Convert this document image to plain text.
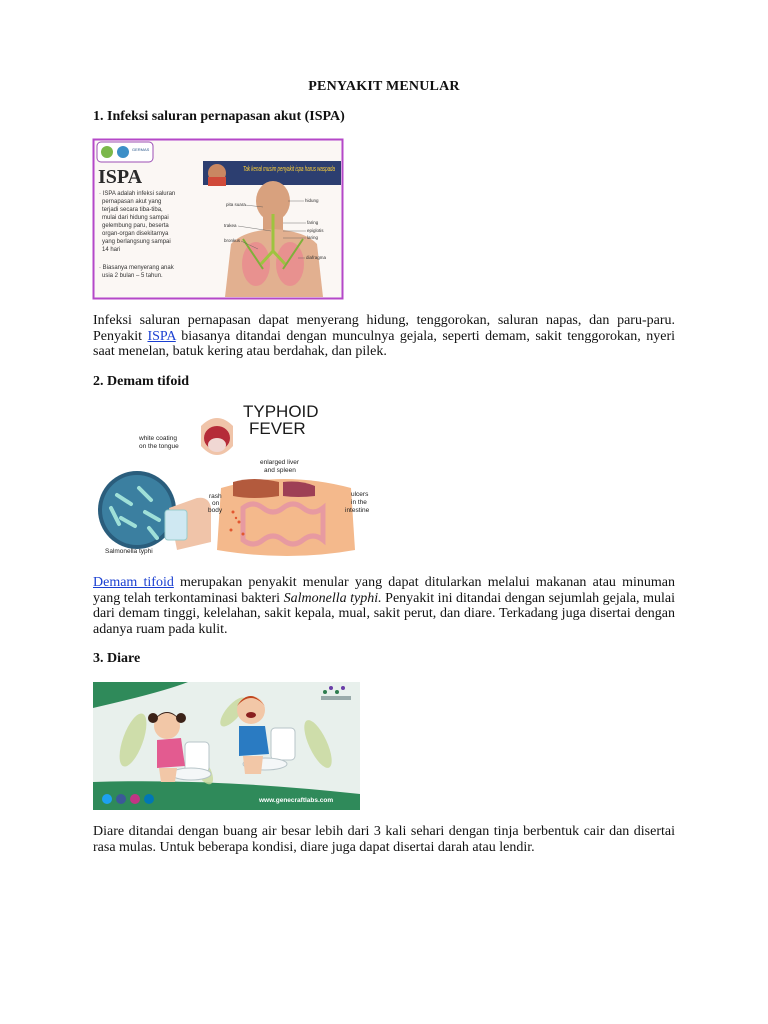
PENYAKIT MENULAR
1. Infeksi saluran pernapasan akut (ISPA)
GERMAS
ISPA	Tak kenal musim penyakit ispa harus waspada
· ISPA adalah infeksi saluran
pernapasan akut yang
terjadi secara tiba-tiba,
mulai dari hidung sampai
gelembung paru, beserta
organ-organ disekitarnya
yang berlangsung sampai
14 hari
· Biasanya menyerang anak
usia 2 bulan – 5 tahun.
pita suara
hidung
faring
epiglotis
laring
bronkus
trakea
diafragma
Infeksi saluran pernapasan dapat menyerang hidung, tenggorokan, saluran napas, dan paru-paru. Penyakit ISPA biasanya ditandai dengan munculnya gejala, seperti demam, sakit tenggorokan, nyeri saat menelan, batuk kering atau berdahak, dan pilek.
2. Demam tifoid
TYPHOID
FEVER
white coating
on the tongue
enlarged liver
and spleen
Salmonella typhi
rash
on
body
ulcers
in the
intestine
Demam tifoid merupakan penyakit menular yang dapat ditularkan melalui makanan atau minuman yang telah terkontaminasi bakteri Salmonella typhi. Penyakit ini ditandai dengan sejumlah gejala, mulai dari demam tinggi, kelelahan, sakit kepala, mual, sakit perut, dan diare. Terkadang juga disertai dengan adanya ruam pada kulit.
3. Diare
www.genecraftlabs.com
Diare ditandai dengan buang air besar lebih dari 3 kali sehari dengan tinja berbentuk cair dan disertai rasa mulas. Untuk beberapa kondisi, diare juga dapat disertai darah atau lendir.
